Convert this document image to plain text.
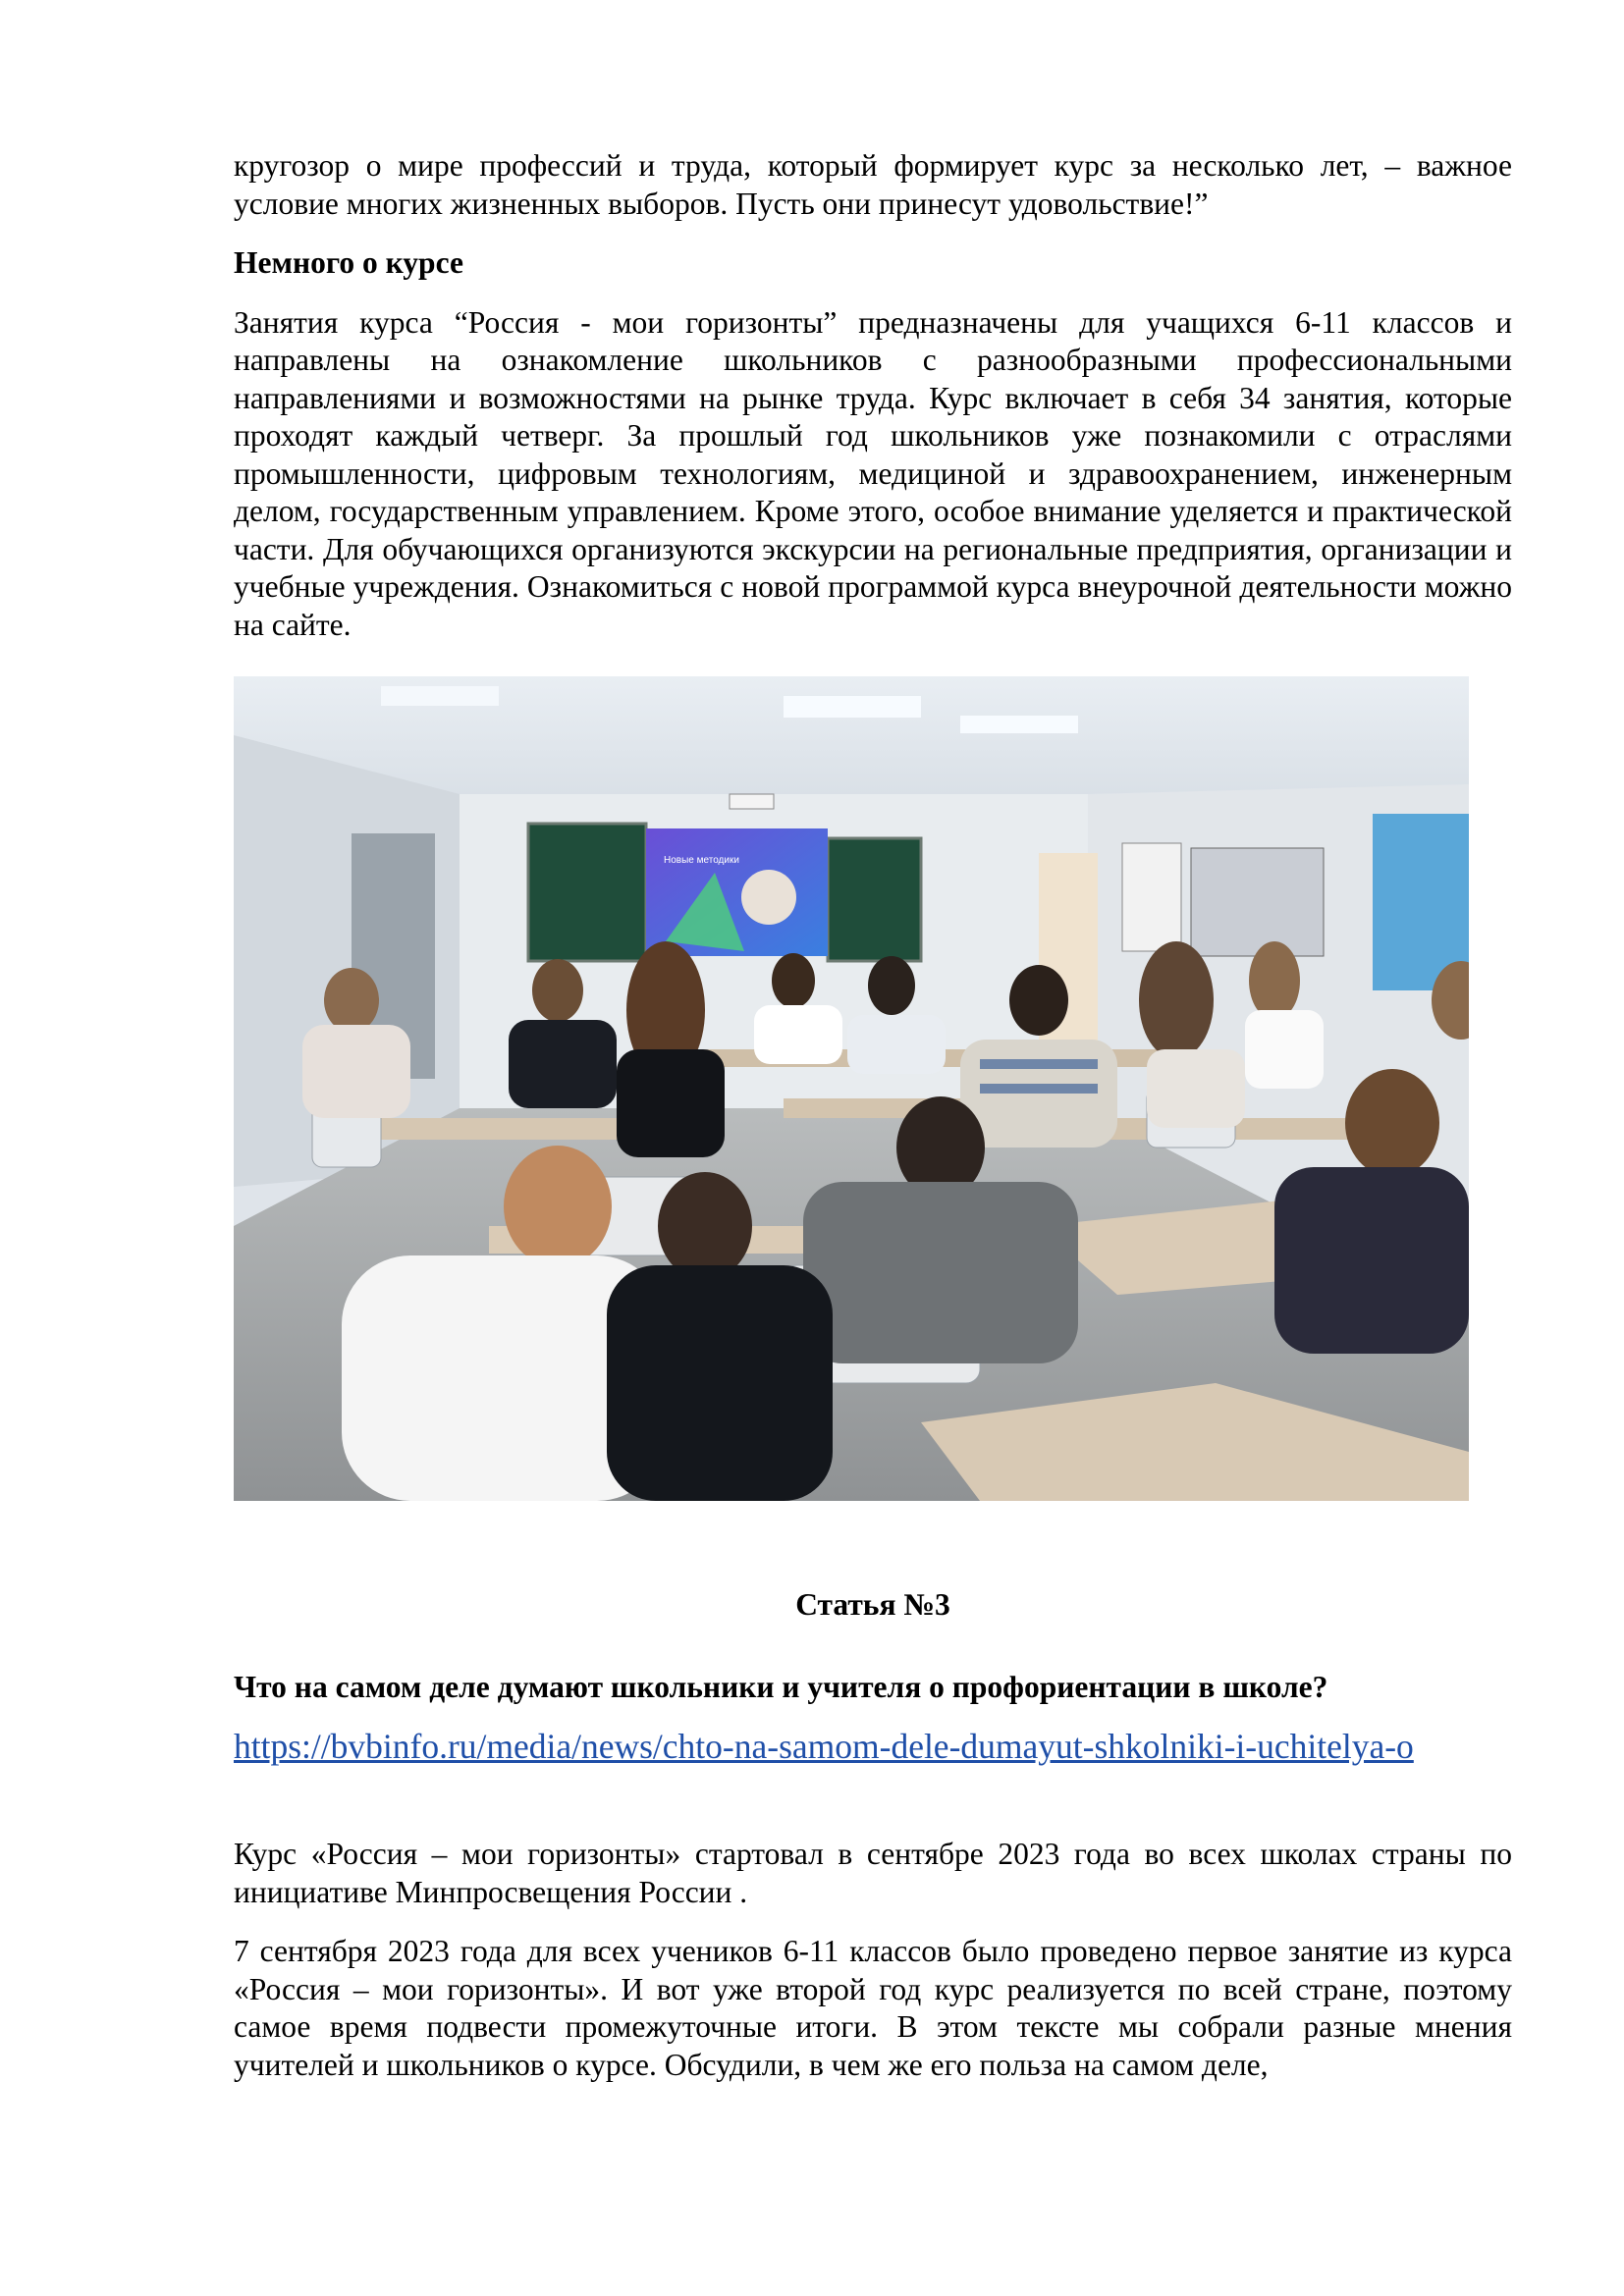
кругозор о мире профессий и труда, который формирует курс за несколько лет, – важное условие многих жизненных выборов. Пусть они принесут удовольствие!”

Немного о курсе

Занятия курса “Россия - мои горизонты” предназначены для учащихся 6-11 классов и направлены на ознакомление школьников с разнообразными профессиональными направлениями и возможностями на рынке труда. Курс включает в себя 34 занятия, которые проходят каждый четверг. За прошлый год школьников уже познакомили с отраслями промышленности, цифровым технологиям, медициной и здравоохранением, инженерным делом, государственным управлением. Кроме этого, особое внимание уделяется и практической части. Для обучающихся организуются экскурсии на региональные предприятия, организации и учебные учреждения. Ознакомиться с новой программой курса внеурочной деятельности можно на сайте.

Новые методики
Статья №3
Что на самом деле думают школьники и учителя о профориентации в школе?
https://bvbinfo.ru/media/news/chto-na-samom-dele-dumayut-shkolniki-i-uchitelya-o

Курс «Россия – мои горизонты» стартовал в сентябре 2023 года во всех школах страны по инициативе Минпросвещения России .

7 сентября 2023 года для всех учеников 6-11 классов было проведено первое занятие из курса «Россия – мои горизонты». И вот уже второй год курс реализуется по всей стране, поэтому самое время подвести промежуточные итоги. В этом тексте мы собрали разные мнения учителей и школьников о курсе. Обсудили, в чем же его польза на самом деле,
